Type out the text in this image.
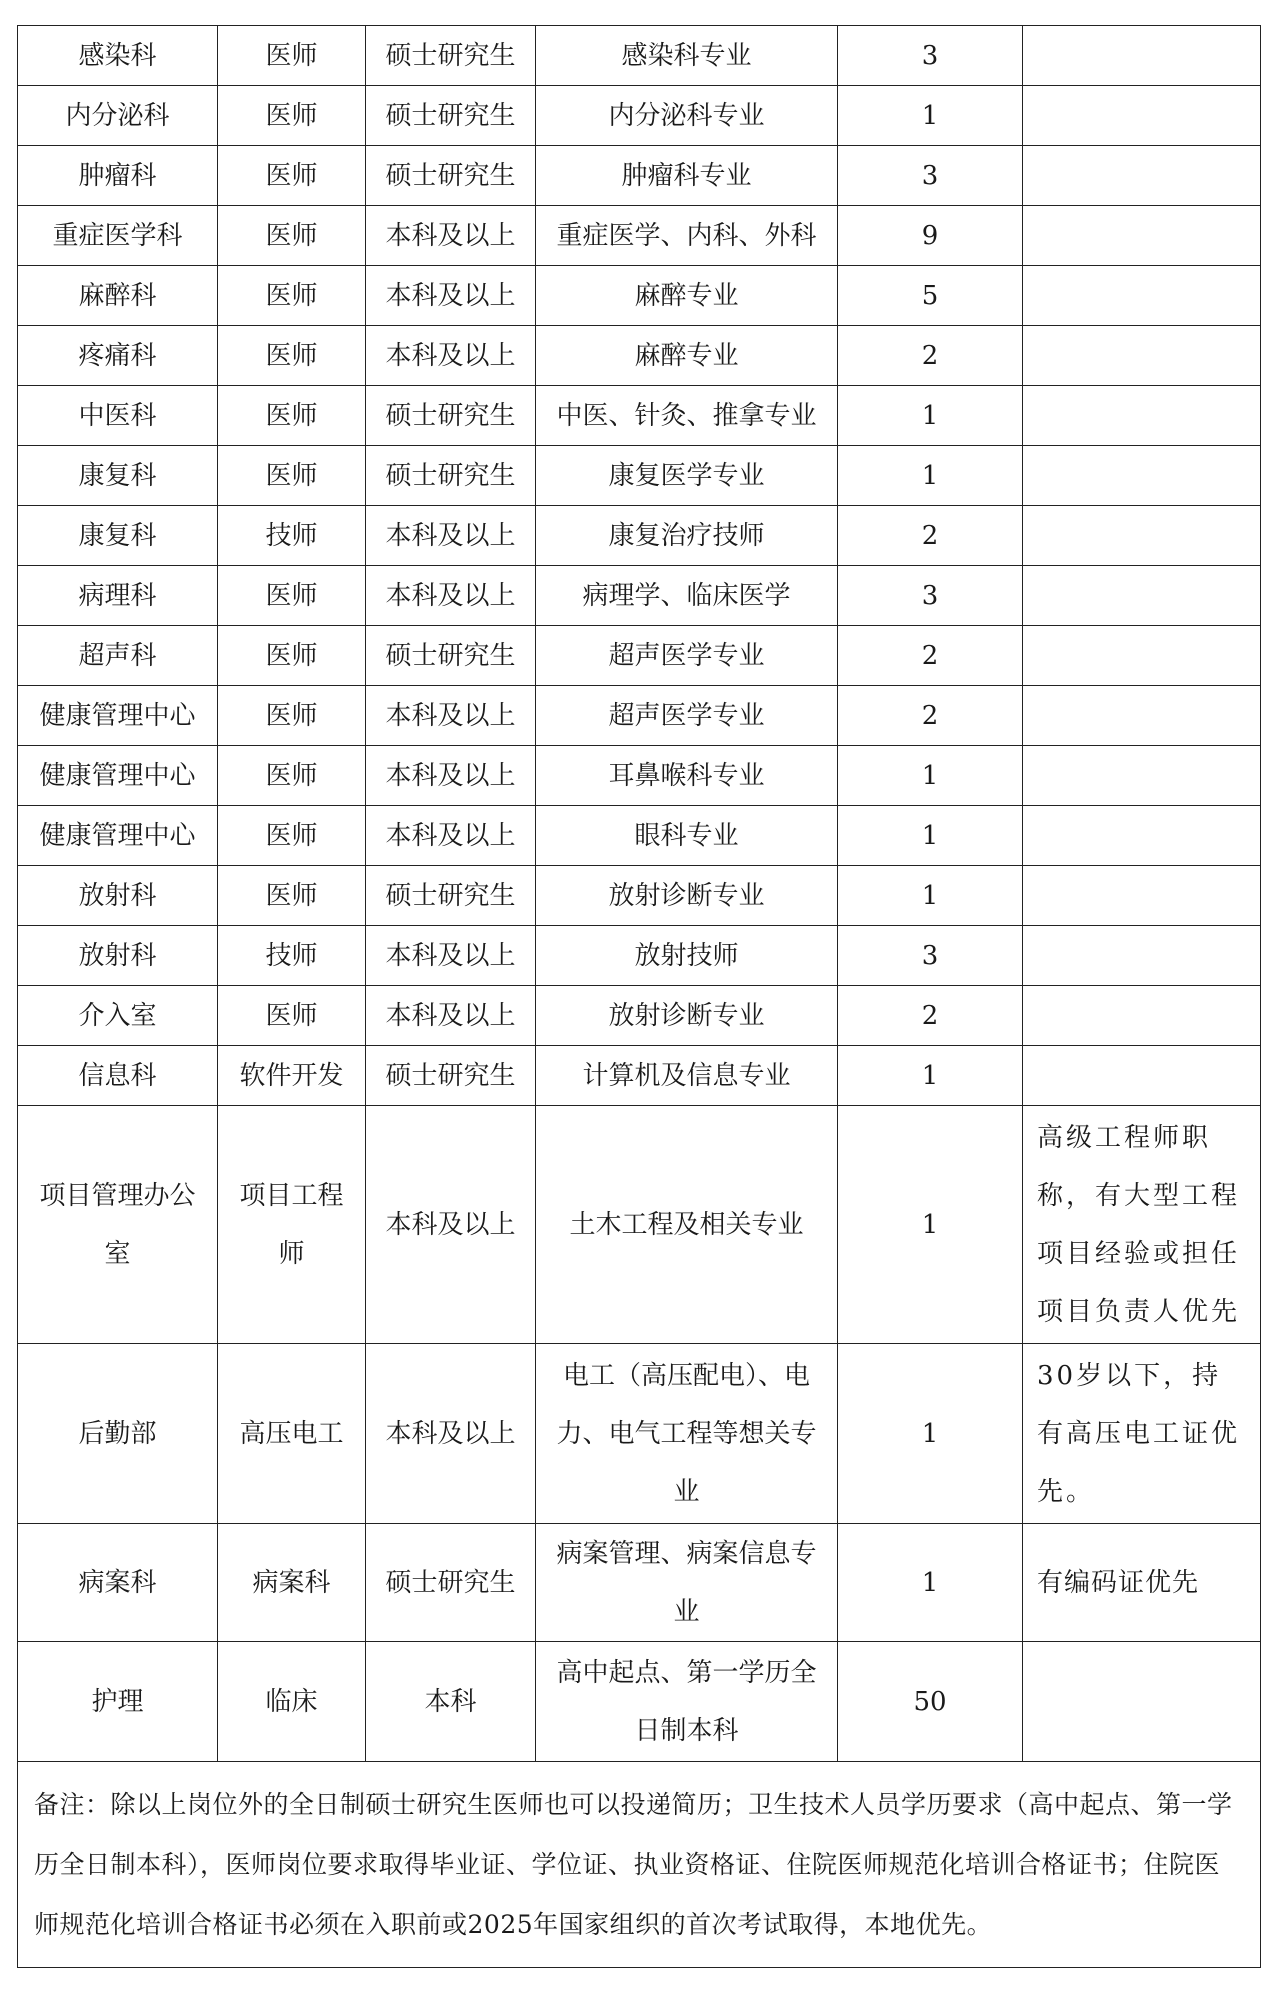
感染科	医师	硕士研究生	感染科专业	3	
内分泌科	医师	硕士研究生	内分泌科专业	1	
肿瘤科	医师	硕士研究生	肿瘤科专业	3	
重症医学科	医师	本科及以上	重症医学、内科、外科	9	
麻醉科	医师	本科及以上	麻醉专业	5	
疼痛科	医师	本科及以上	麻醉专业	2	
中医科	医师	硕士研究生	中医、针灸、推拿专业	1	
康复科	医师	硕士研究生	康复医学专业	1	
康复科	技师	本科及以上	康复治疗技师	2	
病理科	医师	本科及以上	病理学、临床医学	3	
超声科	医师	硕士研究生	超声医学专业	2	
健康管理中心	医师	本科及以上	超声医学专业	2	
健康管理中心	医师	本科及以上	耳鼻喉科专业	1	
健康管理中心	医师	本科及以上	眼科专业	1	
放射科	医师	硕士研究生	放射诊断专业	1	
放射科	技师	本科及以上	放射技师	3	
介入室	医师	本科及以上	放射诊断专业	2	
信息科	软件开发	硕士研究生	计算机及信息专业	1	
项目管理办公室	项目工程师	本科及以上	土木工程及相关专业	1	高级工程师职称，有大型工程项目经验或担任项目负责人优先
后勤部	高压电工	本科及以上	电工（高压配电）、电力、电气工程等想关专业	1	30岁以下，持有高压电工证优先。
病案科	病案科	硕士研究生	病案管理、病案信息专业	1	有编码证优先
护理	临床	本科	高中起点、第一学历全日制本科	50	
备注：除以上岗位外的全日制硕士研究生医师也可以投递简历；卫生技术人员学历要求（高中起点、第一学历全日制本科），医师岗位要求取得毕业证、学位证、执业资格证、住院医师规范化培训合格证书；住院医师规范化培训合格证书必须在入职前或2025年国家组织的首次考试取得，本地优先。					
